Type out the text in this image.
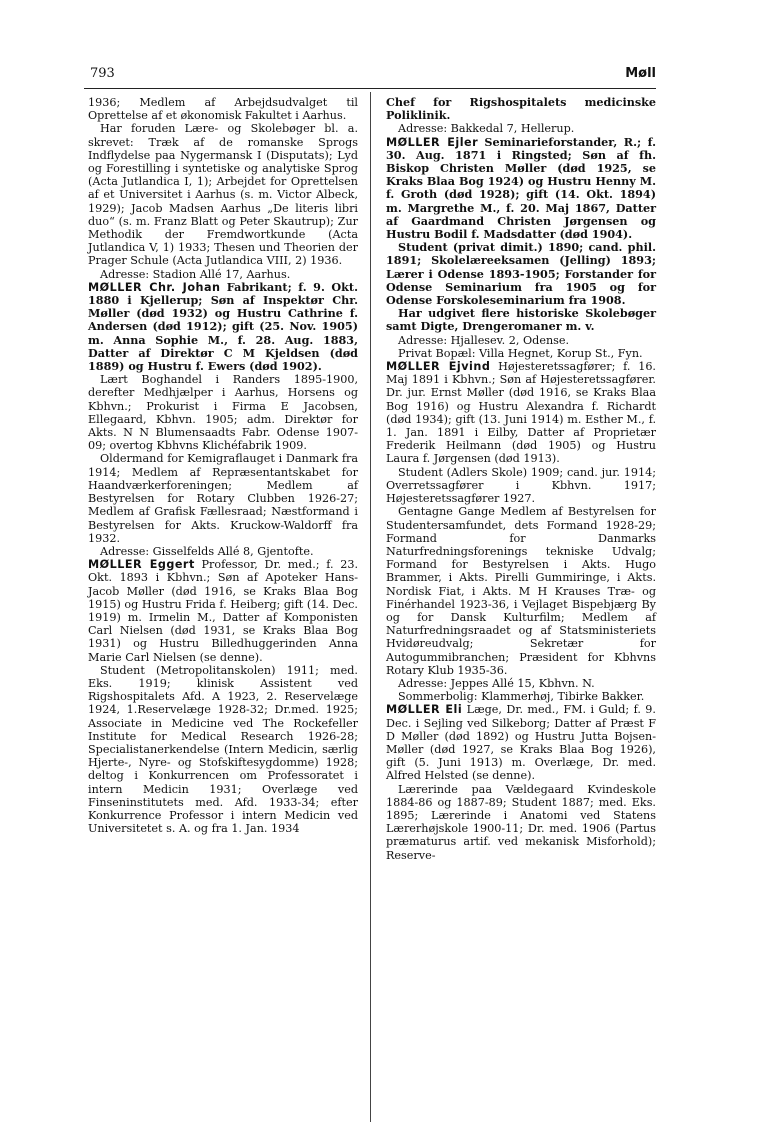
793	Møll

1936; Medlem af Arbejdsudvalget til Oprettelse af et økonomisk Fakultet i Aarhus.

Har foruden Lære- og Skolebøger bl. a. skrevet: Træk af de romanske Sprogs Indflydelse paa Nygermansk I (Disputats); Lyd og Forestilling i syntetiske og analytiske Sprog (Acta Jutlandica I, 1); Arbejdet for Oprettelsen af et Universitet i Aarhus (s. m. Victor Albeck, 1929); Jacob Madsen Aarhus „De literis libri duo“ (s. m. Franz Blatt og Peter Skautrup); Zur Methodik der Fremdwortkunde (Acta Jutlandica V, 1) 1933; Thesen und Theorien der Prager Schule (Acta Jutlandica VIII, 2) 1936.

Adresse: Stadion Allé 17, Aarhus.

MØLLER Chr. Johan Fabrikant; f. 9. Okt. 1880 i Kjellerup; Søn af Inspektør Chr. Møller (død 1932) og Hustru Cathrine f. Andersen (død 1912); gift (25. Nov. 1905) m. Anna Sophie M., f. 28. Aug. 1883, Datter af Direktør C M Kjeldsen (død 1889) og Hustru f. Ewers (død 1902).

Lært Boghandel i Randers 1895-1900, derefter Medhjælper i Aarhus, Horsens og Kbhvn.; Prokurist i Firma E Jacobsen, Ellegaard, Kbhvn. 1905; adm. Direktør for Akts. N N Blumensaadts Fabr. Odense 1907-09; overtog Kbhvns Klichéfabrik 1909.

Oldermand for Kemigraflauget i Danmark fra 1914; Medlem af Repræsentantskabet for Haandværkerforeningen; Medlem af Bestyrelsen for Rotary Clubben 1926-27; Medlem af Grafisk Fællesraad; Næstformand i Bestyrelsen for Akts. Kruckow-Waldorff fra 1932.

Adresse: Gisselfelds Allé 8, Gjentofte.

MØLLER Eggert Professor, Dr. med.; f. 23. Okt. 1893 i Kbhvn.; Søn af Apoteker Hans-Jacob Møller (død 1916, se Kraks Blaa Bog 1915) og Hustru Frida f. Heiberg; gift (14. Dec. 1919) m. Irmelin M., Datter af Komponisten Carl Nielsen (død 1931, se Kraks Blaa Bog 1931) og Hustru Billedhuggerinden Anna Marie Carl Nielsen (se denne).

Student (Metropolitanskolen) 1911; med. Eks. 1919; klinisk Assistent ved Rigshospitalets Afd. A 1923, 2. Reservelæge 1924, 1.Reservelæge 1928-32; Dr.med. 1925; Associate in Medicine ved The Rockefeller Institute for Medical Research 1926-28; Specialistanerkendelse (Intern Medicin, særlig Hjerte-, Nyre- og Stofskiftesygdomme) 1928; deltog i Konkurrencen om Professoratet i intern Medicin 1931; Overlæge ved Finseninstitutets med. Afd. 1933-34; efter Konkurrence Professor i intern Medicin ved Universitetet s. A. og fra 1. Jan. 1934

Chef for Rigshospitalets medicinske Poliklinik.

Adresse: Bakkedal 7, Hellerup.

MØLLER Ejler Seminarieforstander, R.; f. 30. Aug. 1871 i Ringsted; Søn af fh. Biskop Christen Møller (død 1925, se Kraks Blaa Bog 1924) og Hustru Henny M. f. Groth (død 1928); gift (14. Okt. 1894) m. Margrethe M., f. 20. Maj 1867, Datter af Gaardmand Christen Jørgensen og Hustru Bodil f. Madsdatter (død 1904).

Student (privat dimit.) 1890; cand. phil. 1891; Skolelæreeksamen (Jelling) 1893; Lærer i Odense 1893-1905; Forstander for Odense Seminarium fra 1905 og for Odense Forskoleseminarium fra 1908.

Har udgivet flere historiske Skolebøger samt Digte, Drengeromaner m. v.

Adresse: Hjallesev. 2, Odense.

Privat Bopæl: Villa Hegnet, Korup St., Fyn.

MØLLER Ejvind Højesteretssagfører; f. 16. Maj 1891 i Kbhvn.; Søn af Højesteretssagfører. Dr. jur. Ernst Møller (død 1916, se Kraks Blaa Bog 1916) og Hustru Alexandra f. Richardt (død 1934); gift (13. Juni 1914) m. Esther M., f. 1. Jan. 1891 i Eilby, Datter af Proprietær Frederik Heilmann (død 1905) og Hustru Laura f. Jørgensen (død 1913).

Student (Adlers Skole) 1909; cand. jur. 1914; Overretssagfører i Kbhvn. 1917; Højesteretssagfører 1927.

Gentagne Gange Medlem af Bestyrelsen for Studentersamfundet, dets Formand 1928-29; Formand for Danmarks Naturfredningsforenings tekniske Udvalg; Formand for Bestyrelsen i Akts. Hugo Brammer, i Akts. Pirelli Gummiringe, i Akts. Nordisk Fiat, i Akts. M H Krauses Træ- og Finérhandel 1923-36, i Vejlaget Bispebjærg By og for Dansk Kulturfilm; Medlem af Naturfredningsraadet og af Statsministeriets Hvidøreudvalg; Sekretær for Autogummibranchen; Præsident for Kbhvns Rotary Klub 1935-36.

Adresse: Jeppes Allé 15, Kbhvn. N.

Sommerbolig: Klammerhøj, Tibirke Bakker.

MØLLER Eli Læge, Dr. med., FM. i Guld; f. 9. Dec. i Sejling ved Silkeborg; Datter af Præst F D Møller (død 1892) og Hustru Jutta Bojsen-Møller (død 1927, se Kraks Blaa Bog 1926), gift (5. Juni 1913) m. Overlæge, Dr. med. Alfred Helsted (se denne).

Lærerinde paa Vældegaard Kvindeskole 1884-86 og 1887-89; Student 1887; med. Eks. 1895; Lærerinde i Anatomi ved Statens Lærerhøjskole 1900-11; Dr. med. 1906 (Partus præmaturus artif. ved mekanisk Misforhold); Reserve-
